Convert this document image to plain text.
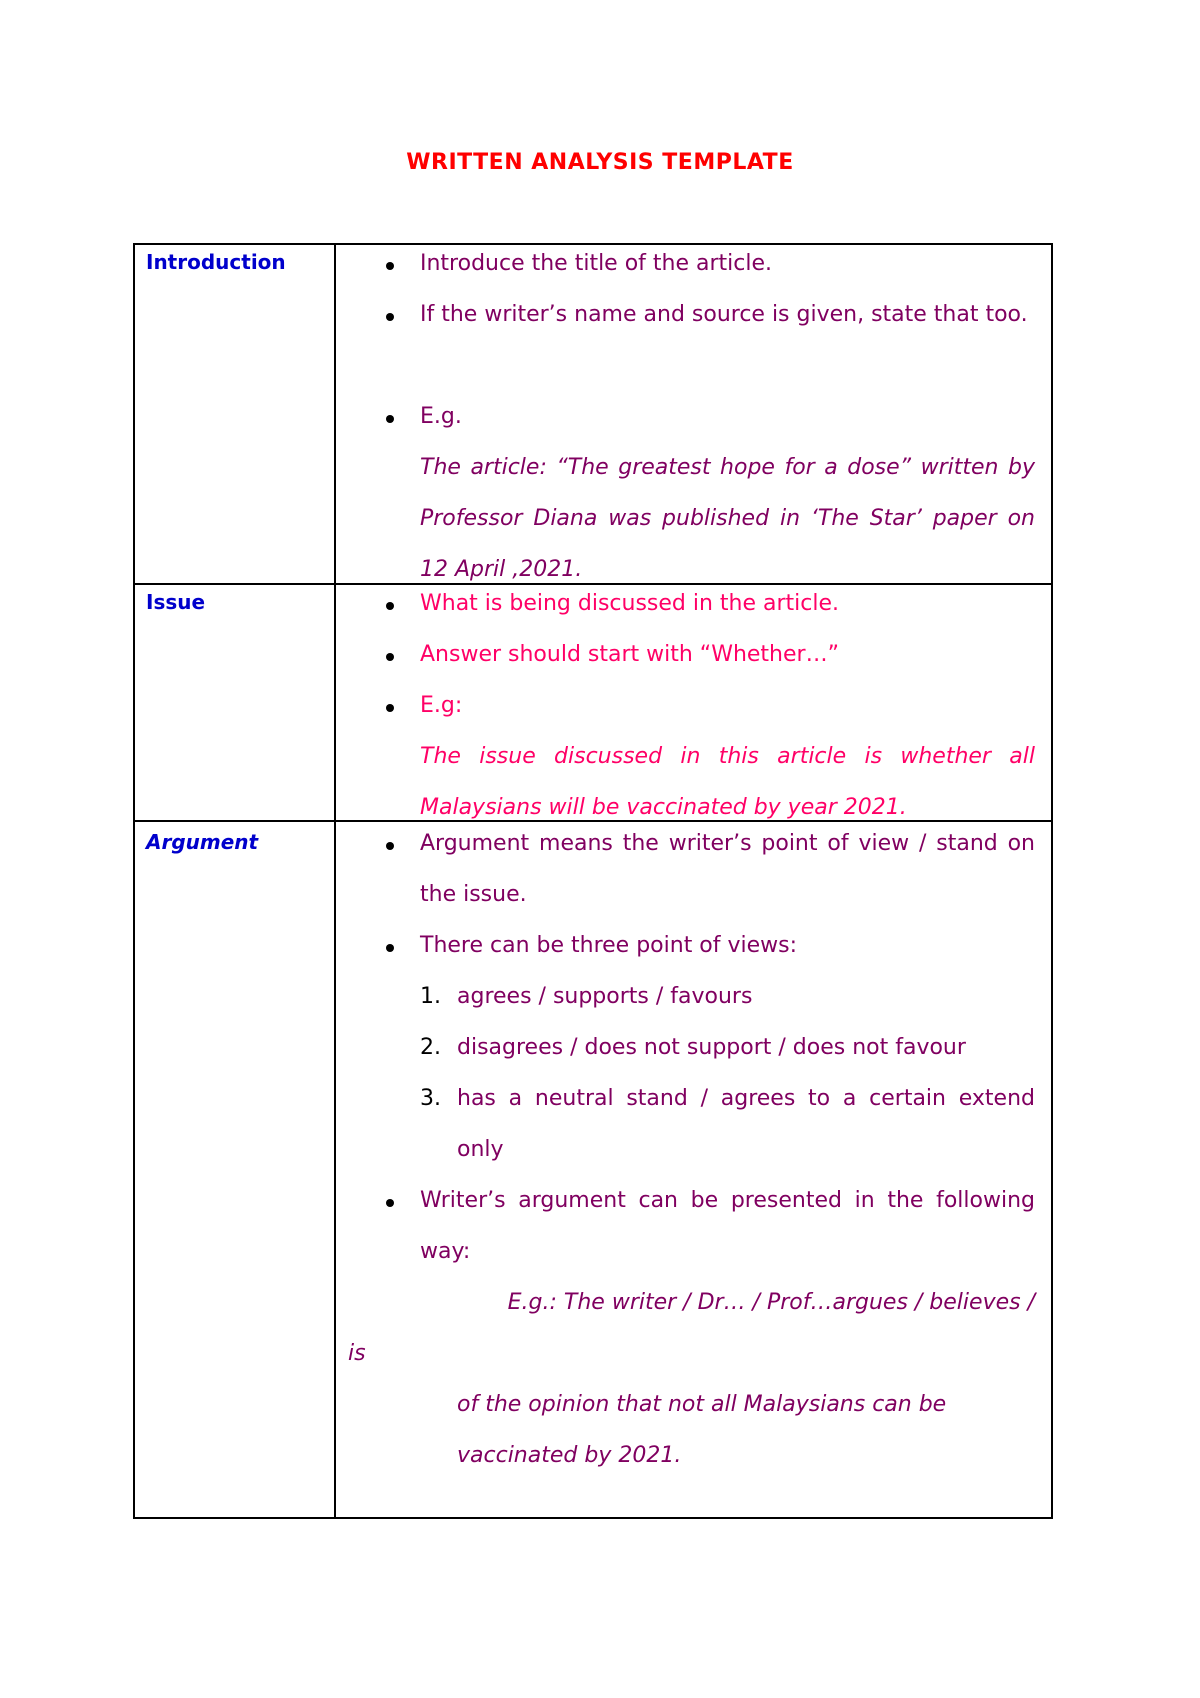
WRITTEN ANALYSIS TEMPLATE
Introduction	Introduce the title of the article.
If the writer’s name and source is given, state that too.
E.g.
The article: “The greatest hope for a dose” written by Professor Diana was published in ‘The Star’ paper on 12 April ,2021.
Issue	What is being discussed in the article.
Answer should start with “Whether…”
E.g:
The issue discussed in this article is whether all Malaysians will be vaccinated by year 2021.
Argument	Argument means the writer’s point of view / stand on the issue.
There can be three point of views:
1. agrees / supports / favours
2. disagrees / does not support / does not favour
3. has a neutral stand / agrees to a certain extend only
Writer’s argument can be presented in the following way:
E.g.: The writer / Dr… / Prof…argues / believes /
is
of the opinion that not all Malaysians can be
vaccinated by 2021.
